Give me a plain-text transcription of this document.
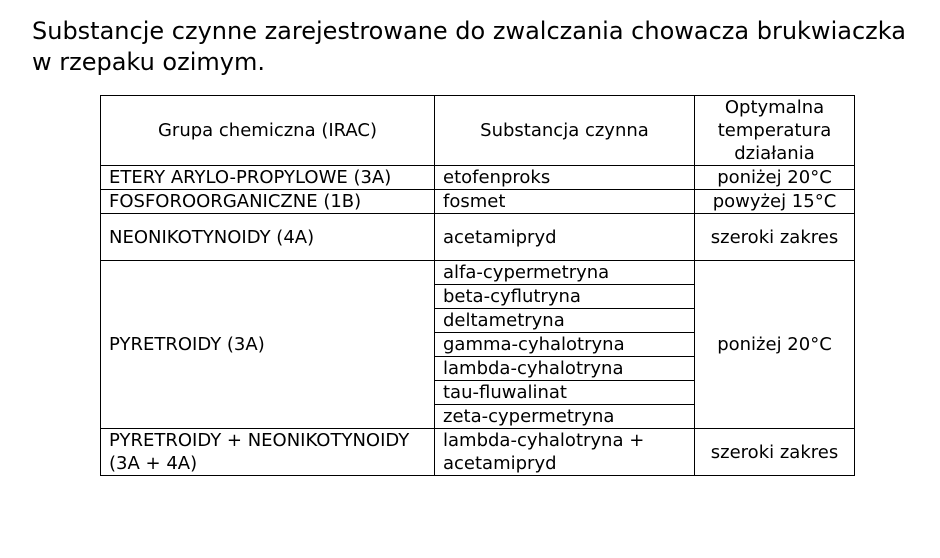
Substancje czynne zarejestrowane do zwalczania chowacza brukwiaczka w rzepaku ozimym.

Grupa chemiczna (IRAC)	Substancja czynna	Optymalna temperatura działania
ETERY ARYLO-PROPYLOWE (3A)	etofenproks	poniżej 20°C
FOSFOROORGANICZNE (1B)	fosmet	powyżej 15°C
NEONIKOTYNOIDY (4A)	acetamipryd	szeroki zakres
PYRETROIDY (3A)	alfa-cypermetryna	poniżej 20°C
	beta-cyflutryna	
	deltametryna	
	gamma-cyhalotryna	
	lambda-cyhalotryna	
	tau-fluwalinat	
	zeta-cypermetryna	
PYRETROIDY + NEONIKOTYNOIDY (3A + 4A)	lambda-cyhalotryna + acetamipryd	szeroki zakres
